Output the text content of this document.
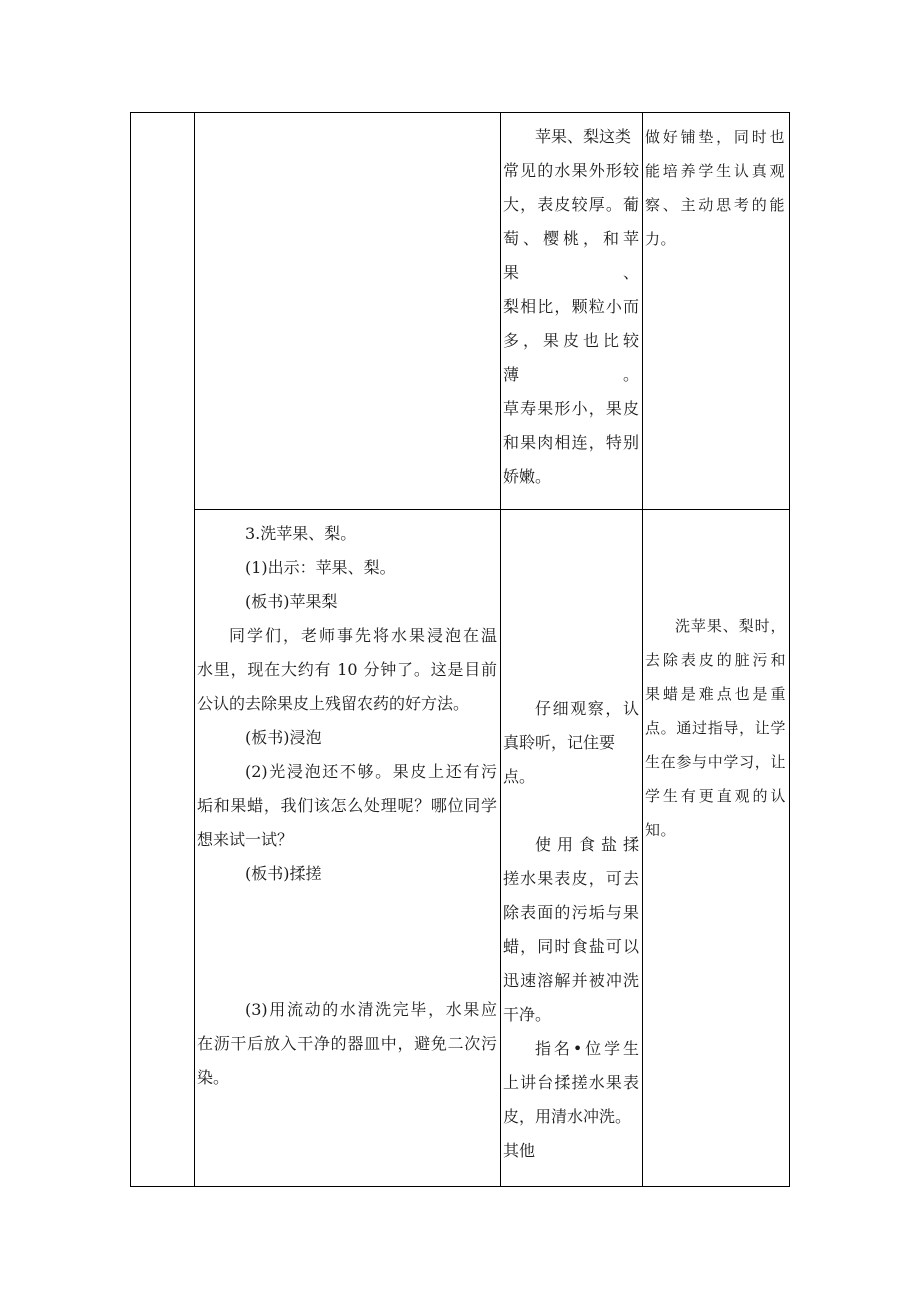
苹果、梨这类

常见的水果外形较

大，表皮较厚。葡

萄、樱桃，和苹果、

梨相比，颗粒小而

多，果皮也比较薄。

草寿果形小，果皮

和果肉相连，特别

娇嫩。

做好铺垫，同时也

能培养学生认真观

察、主动思考的能

力。

3.洗苹果、梨。

(1)出示：苹果、梨。

(板书)苹果梨

同学们，老师事先将水果浸泡在温

水里，现在大约有 10 分钟了。这是目前

公认的去除果皮上残留农药的好方法。

(板书)浸泡

(2)光浸泡还不够。果皮上还有污

垢和果蜡，我们该怎么处理呢？哪位同学

想来试一试？

(板书)揉搓

(3)用流动的水清洗完毕，水果应

在沥干后放入干净的器皿中，避免二次污

染。

仔细观察，认

真聆听，记住要点。

使用食盐揉

搓水果表皮，可去

除表面的污垢与果

蜡，同时食盐可以

迅速溶解并被冲洗

干净。

指名•位学生

上讲台揉搓水果表

皮，用清水冲洗。

其他

洗苹果、梨时，

去除表皮的脏污和

果蜡是难点也是重

点。通过指导，让学

生在参与中学习，让

学生有更直观的认

知。
